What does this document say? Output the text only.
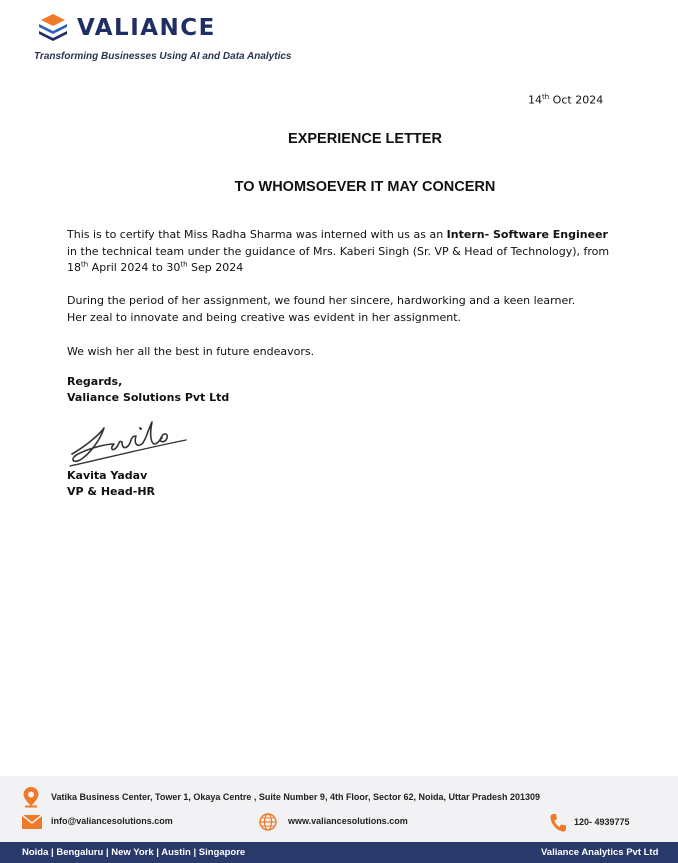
VALIANCE
Transforming Businesses Using AI and Data Analytics
14th Oct 2024
EXPERIENCE LETTER
TO WHOMSOEVER IT MAY CONCERN
This is to certify that Miss Radha Sharma was interned with us as an Intern- Software Engineer in the technical team under the guidance of Mrs. Kaberi Singh (Sr. VP & Head of Technology), from 18th April 2024 to 30th Sep 2024
During the period of her assignment, we found her sincere, hardworking and a keen learner.
Her zeal to innovate and being creative was evident in her assignment.
We wish her all the best in future endeavors.
Regards,
Valiance Solutions Pvt Ltd
Kavita Yadav
VP & Head-HR
Vatika Business Center, Tower 1, Okaya Centre , Suite Number 9, 4th Floor, Sector 62, Noida, Uttar Pradesh 201309
info@valiancesolutions.com	www.valiancesolutions.com	120- 4939775
Noida | Bengaluru | New York | Austin | Singapore	Valiance Analytics Pvt Ltd
